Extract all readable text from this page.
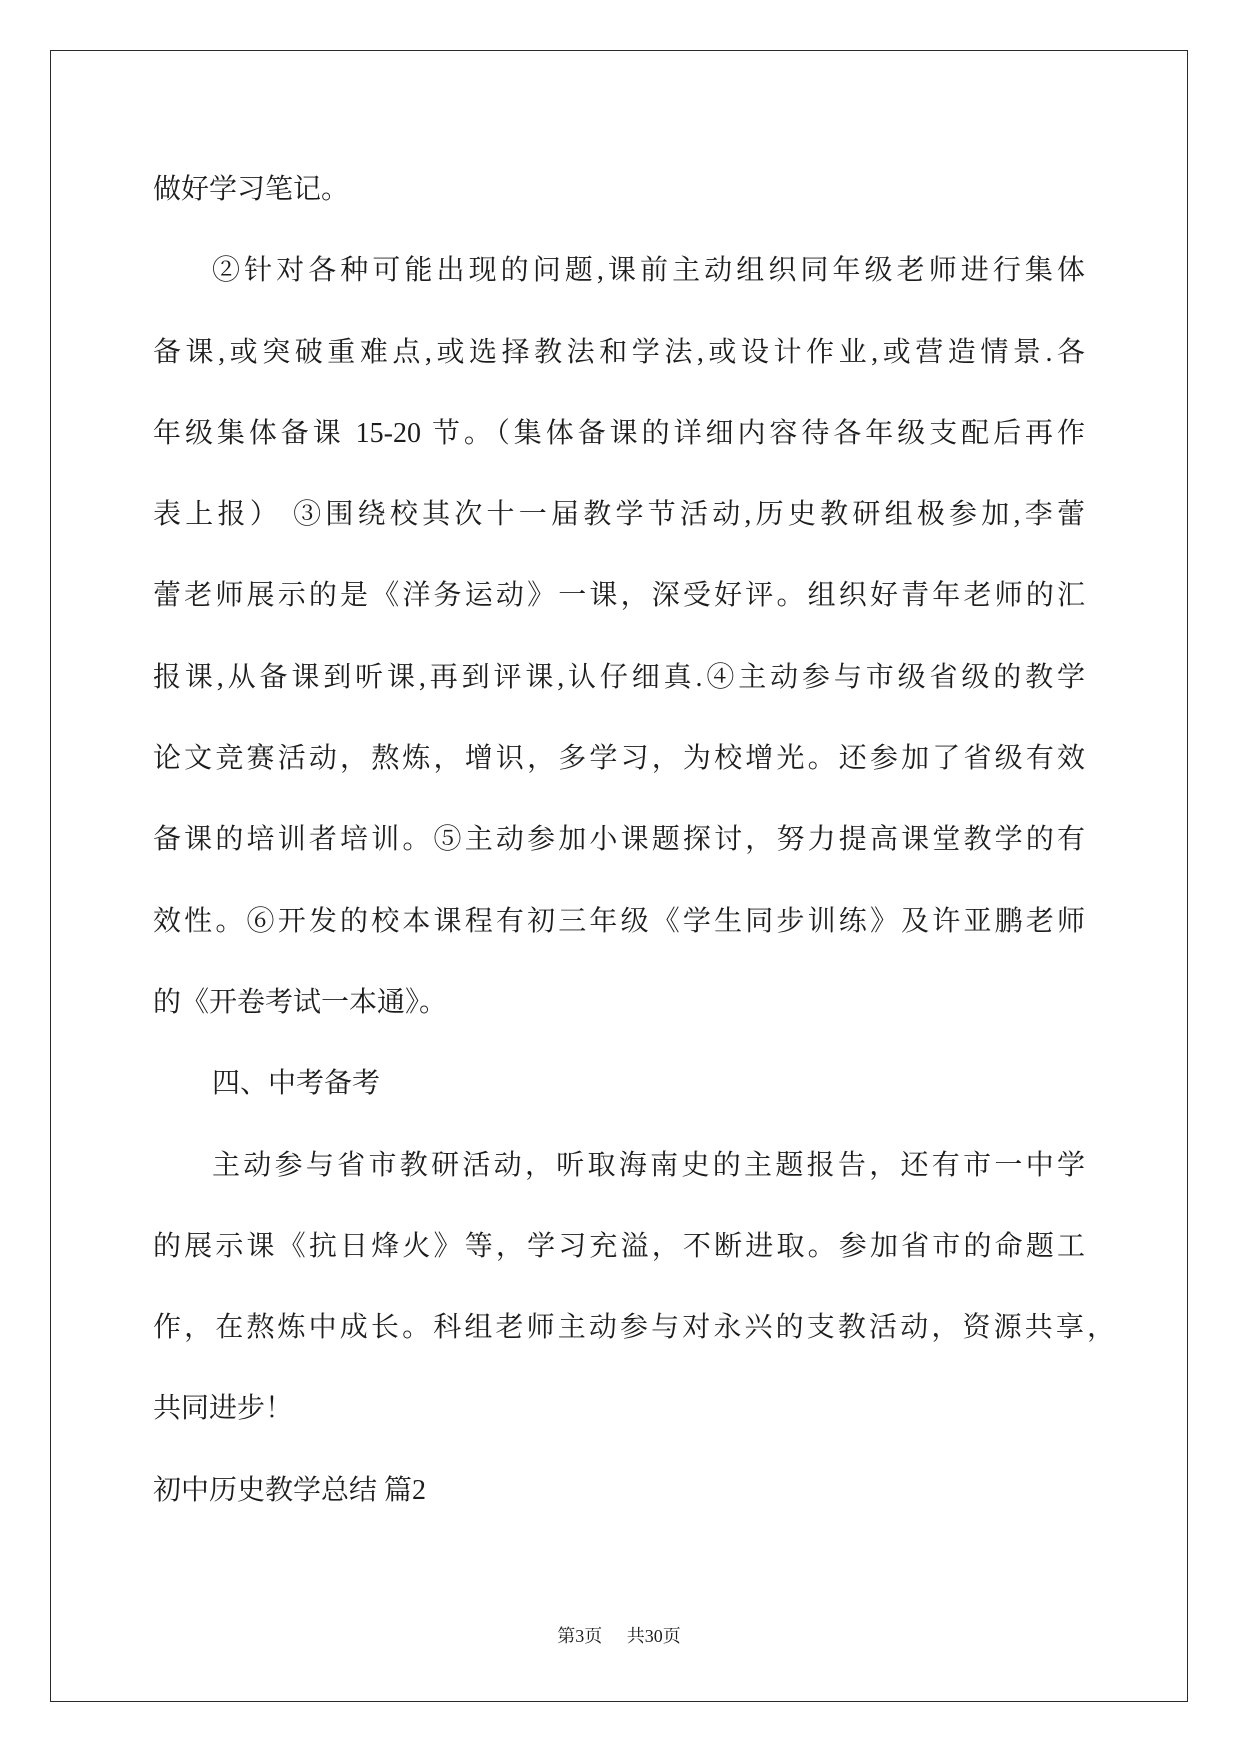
做好学习笔记。
②针对各种可能出现的问题,课前主动组织同年级老师进行集体
备课,或突破重难点,或选择教法和学法,或设计作业,或营造情景.各
年级集体备课 15-20 节。（集体备课的详细内容待各年级支配后再作
表上报） ③围绕校其次十一届教学节活动,历史教研组极参加,李蕾
蕾老师展示的是《洋务运动》一课，深受好评。组织好青年老师的汇
报课,从备课到听课,再到评课,认仔细真.④主动参与市级省级的教学
论文竞赛活动，熬炼，增识，多学习，为校增光。还参加了省级有效
备课的培训者培训。⑤主动参加小课题探讨，努力提高课堂教学的有
效性。⑥开发的校本课程有初三年级《学生同步训练》及许亚鹏老师
的《开卷考试一本通》。
四、中考备考
主动参与省市教研活动，听取海南史的主题报告，还有市一中学
的展示课《抗日烽火》等，学习充溢，不断进取。参加省市的命题工
作，在熬炼中成长。科组老师主动参与对永兴的支教活动，资源共享，
共同进步！
初中历史教学总结 篇2
第3页 共30页
